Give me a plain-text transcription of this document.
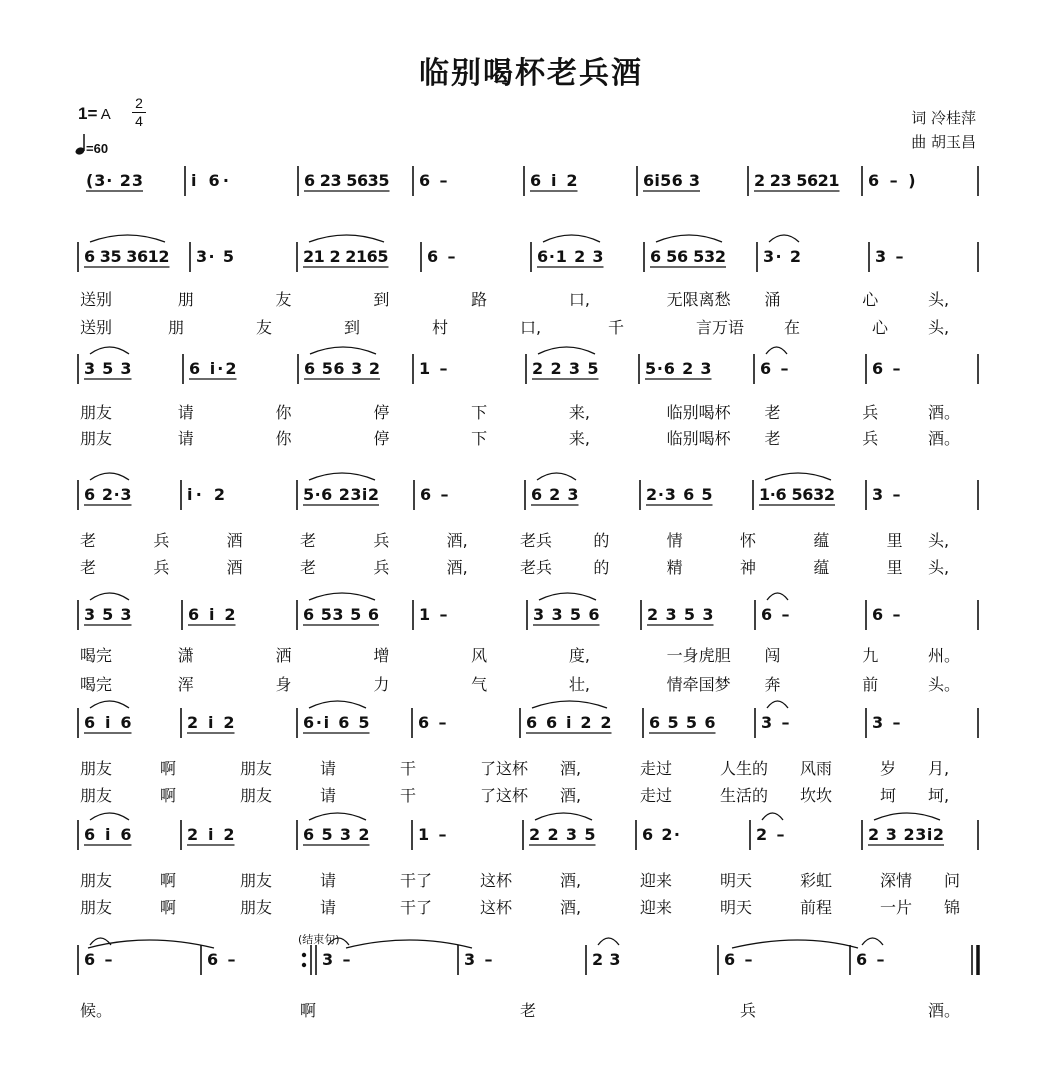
临别喝杯老兵酒
1= A
2
4
=60
词 冷桂萍
曲 胡玉昌
(3· 23	i 6·	6 23 5635 6 –	6 i 2	6i56 3	2 23 5621 6 – )
6 35 3612 3· 5	21 2 2165 6 –	6·1 2 3	6 56 532 3· 2	3 –
送别	朋	友	到	路	口,	无限离愁 涌	心	头,
送别	朋	友	到	村	口,	千	言万语 在	心 头,
3 5 3	6 i·2	6 56 3 2 1 –	2 2 3 5	5·6 2 3	6 –	6 –
朋友	请	你	停	下	来,	临别喝杯 老	兵	酒。
朋友	请	你	停	下	来,	临别喝杯 老	兵	酒。
6 2·3	i· 2	5·6 23i2	6 –	6 2 3	2·3 6 5	1·6 5632 3 –
老	兵	酒	老	兵	酒,	老兵	的	情	怀	蕴	里 头,
老	兵	酒	老	兵	酒,	老兵	的	精	神	蕴	里 头,
3 5 3	6 i 2	6 53 5 6	1 –	3 3 5 6	2 3 5 3	6 –	6 –
喝完	潇	洒	增	风	度,	一身虎胆 闯	九	州。
喝完	浑	身	力	气	壮,	情牵国梦 奔	前	头。
6 i 6	2 i 2	6·i 6 5	6 –	6 6 i 2 2 6 5 5 6	3 –	3 –
朋友	啊	朋友	请	干	了这杯 酒,	走过	人生的 风雨	岁 月,
朋友	啊	朋友	请	干	了这杯 酒,	走过	生活的 坎坎	坷 坷,
6 i 6	2 i 2	6 5 3 2	1 –	2 2 3 5	6 2·	2 –	2 3 23i2
朋友	啊	朋友	请	干了	这杯	酒,	迎来	明天	彩虹	深情 问
朋友	啊	朋友	请	干了	这杯	酒,	迎来	明天	前程	一片 锦
6 –	6 –	3 –	3 –	2 3	6 –	6 –
候。	啊	老	兵	酒。
(结束句)
